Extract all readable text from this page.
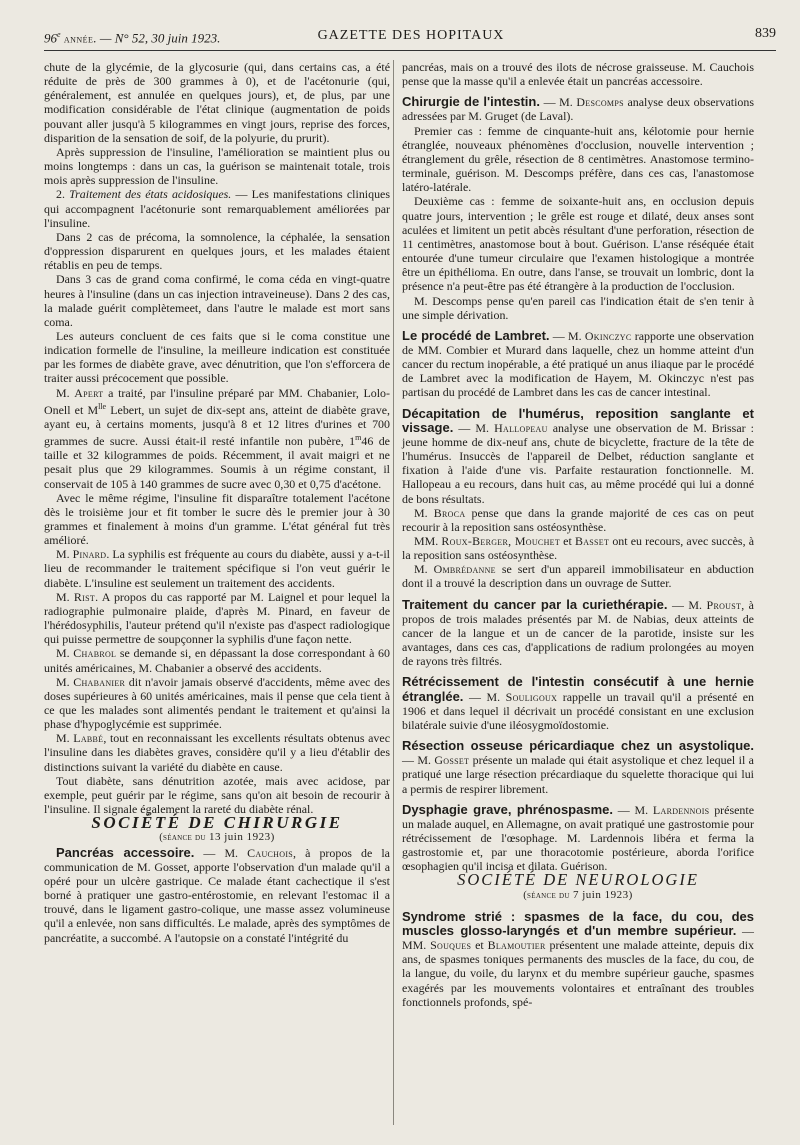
96e année. — N° 52, 30 juin 1923.	GAZETTE DES HOPITAUX	839

chute de la glycémie, de la glycosurie (qui, dans certains cas, a été réduite de près de 300 grammes à 0), et de l'acétonurie (qui, généralement, est annulée en quelques jours), et, de plus, par une modification considérable de l'état clinique (augmentation de poids pouvant aller jusqu'à 5 kilogrammes en vingt jours, reprise des forces, disparition de la sensation de soif, de la polyurie, du prurit).

Après suppression de l'insuline, l'amélioration se maintient plus ou moins longtemps : dans un cas, la guérison se maintenait totale, trois mois après suppression de l'insuline.

2. Traitement des états acidosiques. — Les manifestations cliniques qui accompagnent l'acétonurie sont remarquablement améliorées par l'insuline.

Dans 2 cas de précoma, la somnolence, la céphalée, la sensation d'oppression disparurent en quelques jours, et les malades étaient rétablis en peu de temps.

Dans 3 cas de grand coma confirmé, le coma céda en vingt-quatre heures à l'insuline (dans un cas injection intraveineuse). Dans 2 des cas, la malade guérit complètemeet, dans l'autre le malade est mort sans coma.

Les auteurs concluent de ces faits que si le coma constitue une indication formelle de l'insuline, la meilleure indication est constituée par les formes de diabète grave, avec dénutrition, que l'on s'efforcera de traiter aussi précocement que possible.

M. Apert a traité, par l'insuline préparé par MM. Chabanier, Lolo-Onell et $M^{lle}$ Lebert, un sujet de dix-sept ans, atteint de diabète grave, ayant eu, à certains moments, jusqu'à 8 et 12 litres d'urines et 700 grammes de sucre. Aussi était-il resté infantile non pubère, 1$^m$46 de taille et 32 kilogrammes de poids. Récemment, il avait maigri et ne pesait plus que 29 kilogrammes. Soumis à un régime constant, il conservait de 105 à 140 grammes de sucre avec 0,30 et 0,75 d'acétone.

Avec le même régime, l'insuline fit disparaître totalement l'acétone dès le troisième jour et fit tomber le sucre dès le premier jour à 30 grammes et finalement à moins d'un gramme. L'état général fut très amélioré.

M. Pinard. La syphilis est fréquente au cours du diabète, aussi y a-t-il lieu de recommander le traitement spécifique si l'on veut guérir le diabète. L'insuline est seulement un traitement des accidents.

M. Rist. A propos du cas rapporté par M. Laignel et pour lequel la radiographie pulmonaire plaide, d'après M. Pinard, en faveur de l'hérédosyphilis, l'auteur prétend qu'il n'existe pas d'aspect radiologique qui puisse permettre de soupçonner la syphilis d'une façon nette.

M. Chabrol se demande si, en dépassant la dose correspondant à 60 unités américaines, M. Chabanier a observé des accidents.

M. Chabanier dit n'avoir jamais observé d'accidents, même avec des doses supérieures à 60 unités américaines, mais il pense que cela tient à ce que les malades sont alimentés pendant le traitement et qu'ainsi la phase d'hypoglycémie est supprimée.

M. Labbé, tout en reconnaissant les excellents résultats obtenus avec l'insuline dans les diabètes graves, considère qu'il y a lieu d'établir des distinctions suivant la variété du diabète en cause.

Tout diabète, sans dénutrition azotée, mais avec acidose, par exemple, peut guérir par le régime, sans qu'on ait besoin de recourir à l'insuline. Il signale également la rareté du diabète rénal.

SOCIÉTÉ DE CHIRURGIE

(séance du 13 juin 1923)

Pancréas accessoire. — M. Cauchois, à propos de la communication de M. Gosset, apporte l'observation d'un malade qu'il a opéré pour un ulcère gastrique. Ce malade étant cachectique il s'est borné à pratiquer une gastro-entérostomie, en relevant l'estomac il a trouvé, dans le ligament gastro-colique, une masse assez volumineuse qu'il a enlevée, non sans difficultés. Le malade, après des symptômes de pancréatite, a succombé. A l'autopsie on a constaté l'intégrité du

pancréas, mais on a trouvé des ilots de nécrose graisseuse. M. Cauchois pense que la masse qu'il a enlevée était un pancréas accessoire.

Chirurgie de l'intestin. — M. Descomps analyse deux observations adressées par M. Gruget (de Laval).

Premier cas : femme de cinquante-huit ans, kélotomie pour hernie étranglée, nouveaux phénomènes d'occlusion, nouvelle intervention ; étranglement du grêle, résection de 8 centimètres. Anastomose termino-terminale, guérison. M. Descomps préfère, dans ces cas, l'anastomose latéro-latérale.

Deuxième cas : femme de soixante-huit ans, en occlusion depuis quatre jours, intervention ; le grêle est rouge et dilaté, deux anses sont aculées et limitent un petit abcès résultant d'une perforation, résection de 11 centimètres, anastomose bout à bout. Guérison. L'anse réséquée était entourée d'une tumeur circulaire que l'examen histologique a montrée être un épithélioma. En outre, dans l'anse, se trouvait un lombric, dont la présence n'a peut-être pas été étrangère à la production de l'occlusion.

M. Descomps pense qu'en pareil cas l'indication était de s'en tenir à une simple dérivation.

Le procédé de Lambret. — M. Okinczyc rapporte une observation de MM. Combier et Murard dans laquelle, chez un homme atteint d'un cancer du rectum inopérable, a été pratiqué un anus iliaque par le procédé de Lambret avec la modification de Hayem, M. Okinczyc n'est pas partisan du procédé de Lambret dans les cas de cancer intestinal.

Décapitation de l'humérus, reposition sanglante et vissage. — M. Hallopeau analyse une observation de M. Brissar : jeune homme de dix-neuf ans, chute de bicyclette, fracture de la tête de l'humérus. Insuccès de l'appareil de Delbet, réduction sanglante et fixation à l'aide d'une vis. Parfaite restauration fonctionnelle. M. Hallopeau a eu recours, dans huit cas, au même procédé qui lui a donné de bons résultats.

M. Broca pense que dans la grande majorité de ces cas on peut recourir à la reposition sans ostéosynthèse.

MM. Roux-Berger, Mouchet et Basset ont eu recours, avec succès, à la reposition sans ostéosynthèse.

M. Ombrédanne se sert d'un appareil immobilisateur en abduction dont il a trouvé la description dans un ouvrage de Sutter.

Traitement du cancer par la curiethérapie. — M. Proust, à propos de trois malades présentés par M. de Nabias, deux atteints de cancer de la langue et un de cancer de la parotide, insiste sur les avantages, dans ces cas, d'applications de radium prolongées au moyen de rayons très filtrés.

Rétrécissement de l'intestin consécutif à une hernie étranglée. — M. Souligoux rappelle un travail qu'il a présenté en 1906 et dans lequel il décrivait un procédé consistant en une exclusion bilatérale suivie d'une iléosygmoïdostomie.

Résection osseuse péricardiaque chez un asystolique. — M. Gosset présente un malade qui était asystolique et chez lequel il a pratiqué une large résection précardiaque du squelette thoracique qui lui a permis de respirer librement.

Dysphagie grave, phrénospasme. — M. Lardennois présente un malade auquel, en Allemagne, on avait pratiqué une gastrostomie pour rétrécissement de l'œsophage. M. Lardennois libéra et ferma la gastrostomie et, par une thoracotomie postérieure, aborda l'orifice œsophagien qu'il incisa et dilata. Guérison.

SOCIÉTÉ DE NEUROLOGIE

(séance du 7 juin 1923)

Syndrome strié : spasmes de la face, du cou, des muscles glosso-laryngés et d'un membre supérieur. — MM. Souques et Blamoutier présentent une malade atteinte, depuis dix ans, de spasmes toniques permanents des muscles de la face, du cou, de la langue, du voile, du larynx et du membre supérieur gauche, spasmes exagérés par les mouvements volontaires et entraînant des troubles fonctionnels profonds, spé-
